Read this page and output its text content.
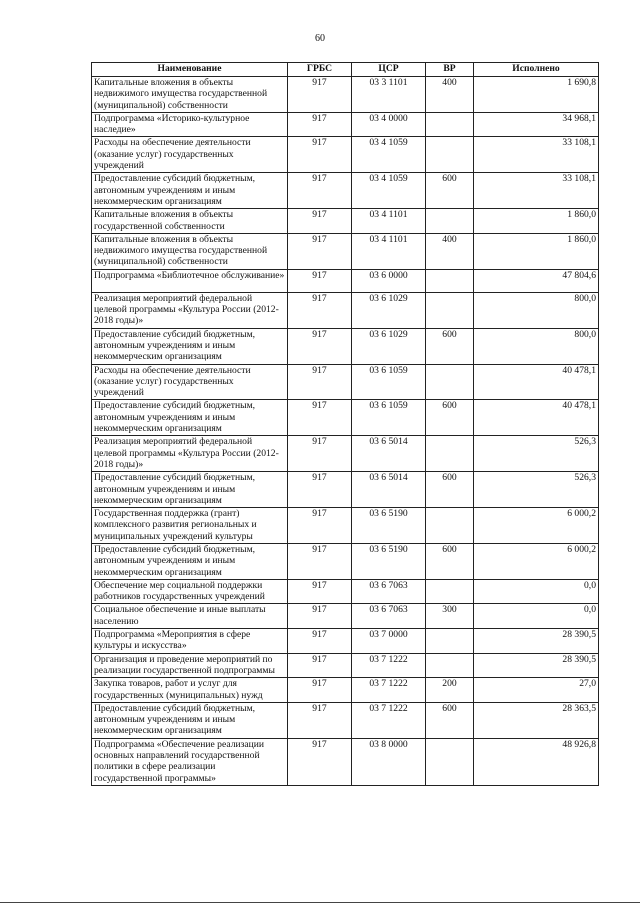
60
Наименование	ГРБС	ЦСР	ВР	Исполнено
Капитальные вложения в объекты недвижимого имущества государственной (муниципальной) собственности	917	03 3 1101	400	1 690,8
Подпрограмма «Историко-культурное наследие»	917	03 4 0000		34 968,1
Расходы на обеспечение деятельности (оказание услуг) государственных учреждений	917	03 4 1059		33 108,1
Предоставление субсидий бюджетным, автономным учреждениям и иным некоммерческим организациям	917	03 4 1059	600	33 108,1
Капитальные вложения в объекты государственной собственности	917	03 4 1101		1 860,0
Капитальные вложения в объекты недвижимого имущества государственной (муниципальной) собственности	917	03 4 1101	400	1 860,0
Подпрограмма «Библиотечное обслуживание»	917	03 6 0000		47 804,6
Реализация мероприятий федеральной целевой программы «Культура России (2012-2018 годы)»	917	03 6 1029		800,0
Предоставление субсидий бюджетным, автономным учреждениям и иным некоммерческим организациям	917	03 6 1029	600	800,0
Расходы на обеспечение деятельности (оказание услуг) государственных учреждений	917	03 6 1059		40 478,1
Предоставление субсидий бюджетным, автономным учреждениям и иным некоммерческим организациям	917	03 6 1059	600	40 478,1
Реализация мероприятий федеральной целевой программы «Культура России (2012-2018 годы)»	917	03 6 5014		526,3
Предоставление субсидий бюджетным, автономным учреждениям и иным некоммерческим организациям	917	03 6 5014	600	526,3
Государственная поддержка (грант) комплексного развития региональных и муниципальных учреждений культуры	917	03 6 5190		6 000,2
Предоставление субсидий бюджетным, автономным учреждениям и иным некоммерческим организациям	917	03 6 5190	600	6 000,2
Обеспечение мер социальной поддержки работников государственных учреждений	917	03 6 7063		0,0
Социальное обеспечение и иные выплаты населению	917	03 6 7063	300	0,0
Подпрограмма «Мероприятия в сфере культуры и искусства»	917	03 7 0000		28 390,5
Организация и проведение мероприятий по реализации государственной подпрограммы	917	03 7 1222		28 390,5
Закупка товаров, работ и услуг для государственных (муниципальных) нужд	917	03 7 1222	200	27,0
Предоставление субсидий бюджетным, автономным учреждениям и иным некоммерческим организациям	917	03 7 1222	600	28 363,5
Подпрограмма «Обеспечение реализации основных направлений государственной политики в сфере реализации государственной программы»	917	03 8 0000		48 926,8
